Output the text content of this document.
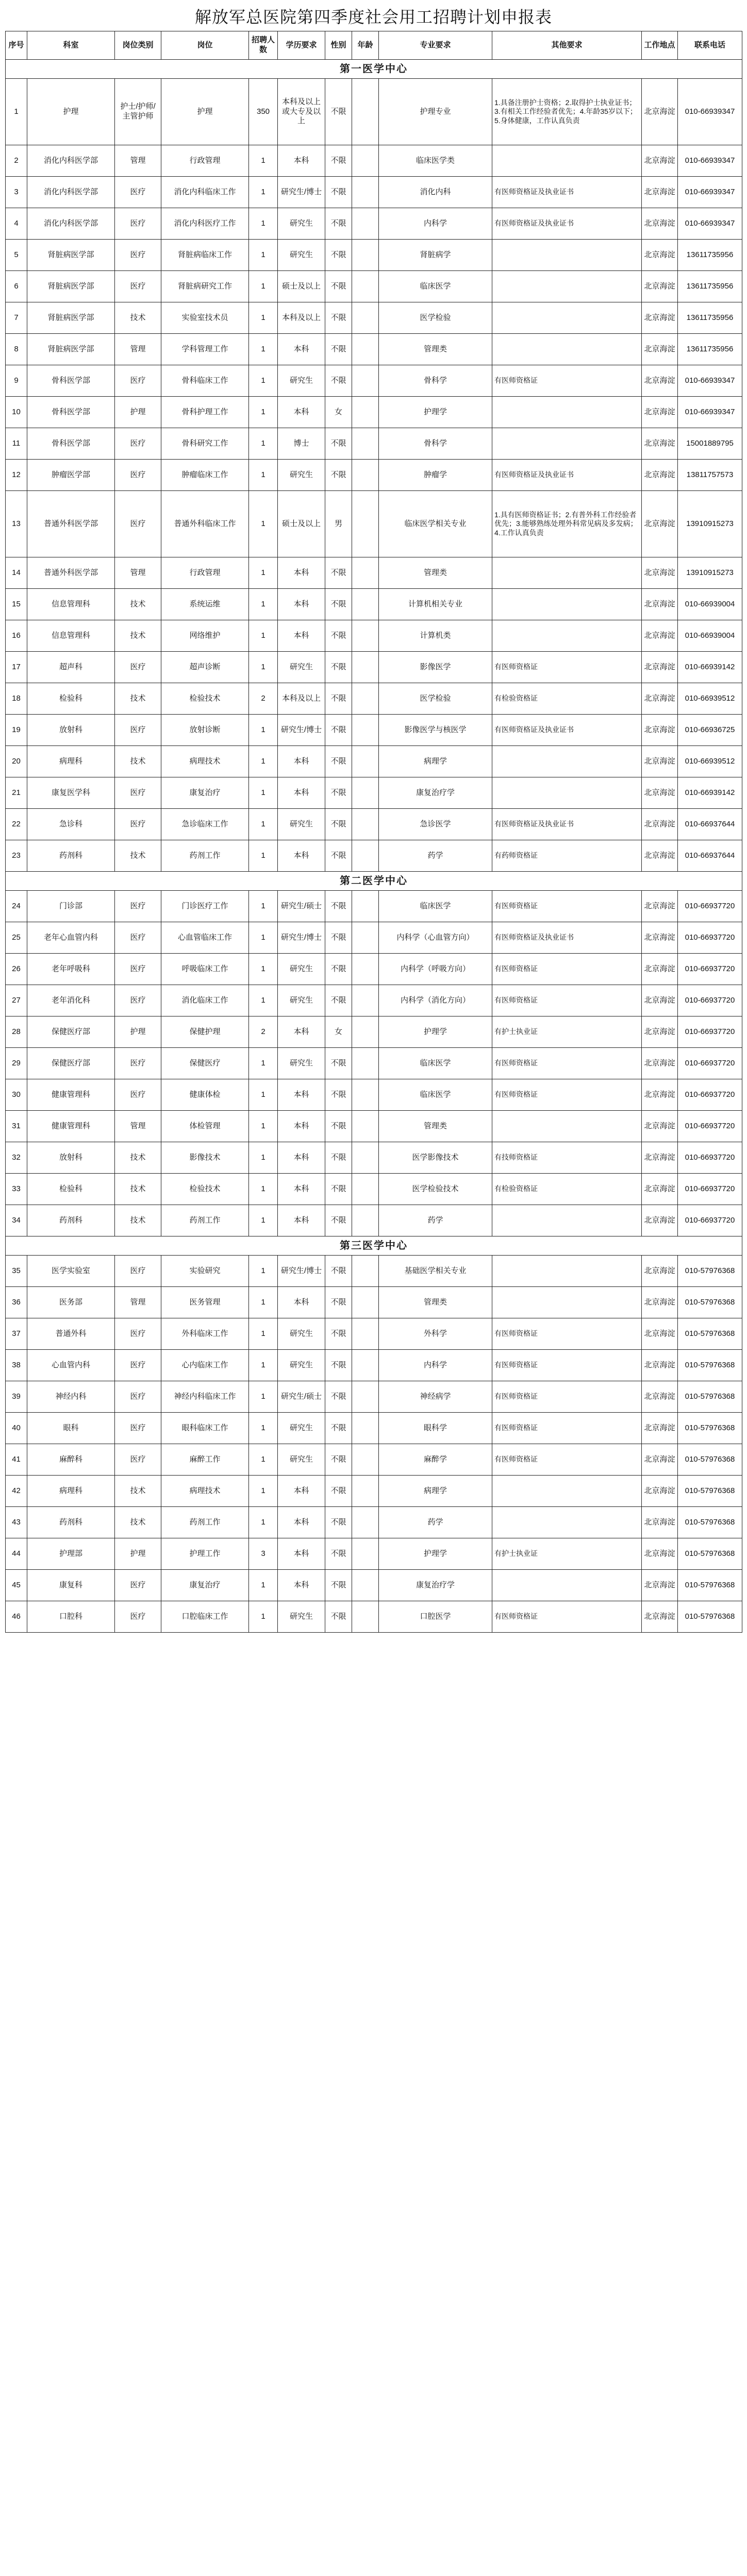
解放军总医院第四季度社会用工招聘计划申报表
序号	科室	岗位类别	岗位	招聘人数	学历要求	性别	年龄	专业要求	其他要求	工作地点	联系电话
第一医学中心											
1	护理	护士/护师/主管护师	护理	350	本科及以上或大专及以上	不限		护理专业	1.具备注册护士资格；2.取得护士执业证书；3.有相关工作经验者优先；4.年龄35岁以下；5.身体健康，工作认真负责	北京海淀	010-66939347
2	消化内科医学部	管理	行政管理	1	本科	不限		临床医学类		北京海淀	010-66939347
3	消化内科医学部	医疗	消化内科临床工作	1	研究生/博士	不限		消化内科	有医师资格证及执业证书	北京海淀	010-66939347
4	消化内科医学部	医疗	消化内科医疗工作	1	研究生	不限		内科学	有医师资格证及执业证书	北京海淀	010-66939347
5	肾脏病医学部	医疗	肾脏病临床工作	1	研究生	不限		肾脏病学		北京海淀	13611735956
6	肾脏病医学部	医疗	肾脏病研究工作	1	硕士及以上	不限		临床医学		北京海淀	13611735956
7	肾脏病医学部	技术	实验室技术员	1	本科及以上	不限		医学检验		北京海淀	13611735956
8	肾脏病医学部	管理	学科管理工作	1	本科	不限		管理类		北京海淀	13611735956
9	骨科医学部	医疗	骨科临床工作	1	研究生	不限		骨科学	有医师资格证	北京海淀	010-66939347
10	骨科医学部	护理	骨科护理工作	1	本科	女		护理学		北京海淀	010-66939347
11	骨科医学部	医疗	骨科研究工作	1	博士	不限		骨科学		北京海淀	15001889795
12	肿瘤医学部	医疗	肿瘤临床工作	1	研究生	不限		肿瘤学	有医师资格证及执业证书	北京海淀	13811757573
13	普通外科医学部	医疗	普通外科临床工作	1	硕士及以上	男		临床医学相关专业	1.具有医师资格证书；2.有普外科工作经验者优先；3.能够熟练处理外科常见病及多发病；4.工作认真负责	北京海淀	13910915273
14	普通外科医学部	管理	行政管理	1	本科	不限		管理类		北京海淀	13910915273
15	信息管理科	技术	系统运维	1	本科	不限		计算机相关专业		北京海淀	010-66939004
16	信息管理科	技术	网络维护	1	本科	不限		计算机类		北京海淀	010-66939004
17	超声科	医疗	超声诊断	1	研究生	不限		影像医学	有医师资格证	北京海淀	010-66939142
18	检验科	技术	检验技术	2	本科及以上	不限		医学检验	有检验资格证	北京海淀	010-66939512
19	放射科	医疗	放射诊断	1	研究生/博士	不限		影像医学与核医学	有医师资格证及执业证书	北京海淀	010-66936725
20	病理科	技术	病理技术	1	本科	不限		病理学		北京海淀	010-66939512
21	康复医学科	医疗	康复治疗	1	本科	不限		康复治疗学		北京海淀	010-66939142
22	急诊科	医疗	急诊临床工作	1	研究生	不限		急诊医学	有医师资格证及执业证书	北京海淀	010-66937644
23	药剂科	技术	药剂工作	1	本科	不限		药学	有药师资格证	北京海淀	010-66937644
第二医学中心											
24	门诊部	医疗	门诊医疗工作	1	研究生/硕士	不限		临床医学	有医师资格证	北京海淀	010-66937720
25	老年心血管内科	医疗	心血管临床工作	1	研究生/博士	不限		内科学（心血管方向）	有医师资格证及执业证书	北京海淀	010-66937720
26	老年呼吸科	医疗	呼吸临床工作	1	研究生	不限		内科学（呼吸方向）	有医师资格证	北京海淀	010-66937720
27	老年消化科	医疗	消化临床工作	1	研究生	不限		内科学（消化方向）	有医师资格证	北京海淀	010-66937720
28	保健医疗部	护理	保健护理	2	本科	女		护理学	有护士执业证	北京海淀	010-66937720
29	保健医疗部	医疗	保健医疗	1	研究生	不限		临床医学	有医师资格证	北京海淀	010-66937720
30	健康管理科	医疗	健康体检	1	本科	不限		临床医学	有医师资格证	北京海淀	010-66937720
31	健康管理科	管理	体检管理	1	本科	不限		管理类		北京海淀	010-66937720
32	放射科	技术	影像技术	1	本科	不限		医学影像技术	有技师资格证	北京海淀	010-66937720
33	检验科	技术	检验技术	1	本科	不限		医学检验技术	有检验资格证	北京海淀	010-66937720
34	药剂科	技术	药剂工作	1	本科	不限		药学		北京海淀	010-66937720
第三医学中心											
35	医学实验室	医疗	实验研究	1	研究生/博士	不限		基础医学相关专业		北京海淀	010-57976368
36	医务部	管理	医务管理	1	本科	不限		管理类		北京海淀	010-57976368
37	普通外科	医疗	外科临床工作	1	研究生	不限		外科学	有医师资格证	北京海淀	010-57976368
38	心血管内科	医疗	心内临床工作	1	研究生	不限		内科学	有医师资格证	北京海淀	010-57976368
39	神经内科	医疗	神经内科临床工作	1	研究生/硕士	不限		神经病学	有医师资格证	北京海淀	010-57976368
40	眼科	医疗	眼科临床工作	1	研究生	不限		眼科学	有医师资格证	北京海淀	010-57976368
41	麻醉科	医疗	麻醉工作	1	研究生	不限		麻醉学	有医师资格证	北京海淀	010-57976368
42	病理科	技术	病理技术	1	本科	不限		病理学		北京海淀	010-57976368
43	药剂科	技术	药剂工作	1	本科	不限		药学		北京海淀	010-57976368
44	护理部	护理	护理工作	3	本科	不限		护理学	有护士执业证	北京海淀	010-57976368
45	康复科	医疗	康复治疗	1	本科	不限		康复治疗学		北京海淀	010-57976368
46	口腔科	医疗	口腔临床工作	1	研究生	不限		口腔医学	有医师资格证	北京海淀	010-57976368
